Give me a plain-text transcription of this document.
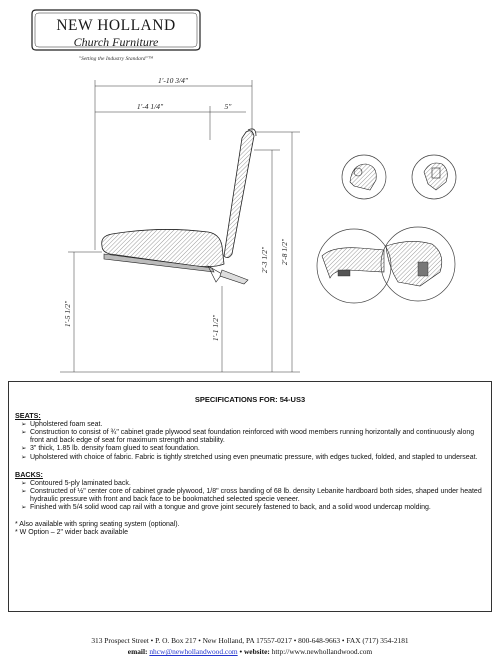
NEW HOLLAND
Church Furniture
"Setting the Industry Standard"™
1'-10 3/4"
1'-4 1/4"	5"
1'-5 1/2"
1'-1 1/2"
2'-3 1/2" 2'-8 1/2"
SPECIFICATIONS FOR: 54-US3
SEATS:
➢ Upholstered foam seat.
➢ Construction to consist of ¾" cabinet grade plywood seat foundation reinforced with wood members running horizontally and continuously along front and back edge of seat for maximum strength and stability.
➢ 3" thick, 1.85 lb. density foam glued to seat foundation.
➢ Upholstered with choice of fabric. Fabric is tightly stretched using even pneumatic pressure, with edges tucked, folded, and stapled to underseat.
BACKS:
➢ Contoured 5-ply laminated back.
➢ Constructed of ½" center core of cabinet grade plywood, 1/8" cross banding of 68 lb. density Lebanite hardboard both sides, shaped under heated hydraulic pressure with front and back face to be bookmatched selected specie veneer.
➢ Finished with 5/4 solid wood cap rail with a tongue and grove joint securely fastened to back, and a solid wood undercap molding.
* Also available with spring seating system (optional).
* W Option – 2" wider back available
313 Prospect Street • P. O. Box 217 • New Holland, PA 17557-0217 • 800-648-9663 • FAX (717) 354-2181
email: nhcw@newhollandwood.com • website: http://www.newhollandwood.com
